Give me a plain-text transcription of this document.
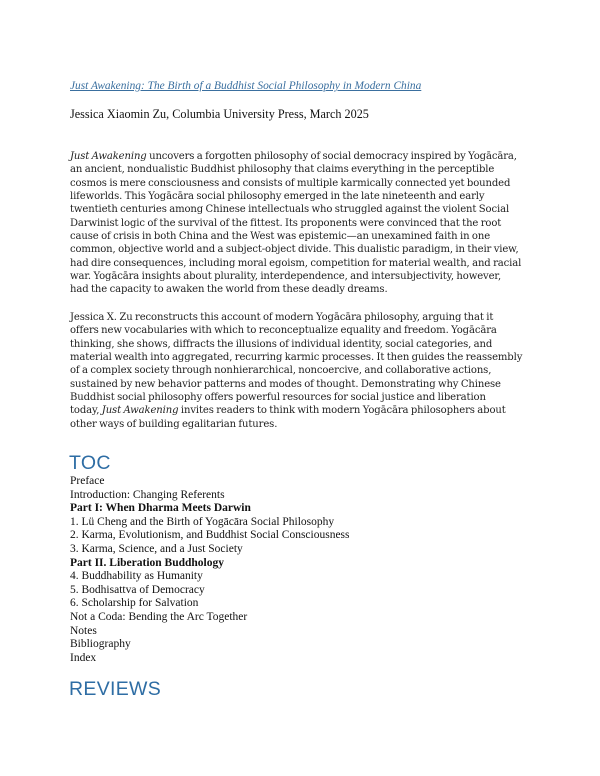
Just Awakening: The Birth of a Buddhist Social Philosophy in Modern China
Jessica Xiaomin Zu, Columbia University Press, March 2025

Just Awakening uncovers a forgotten philosophy of social democracy inspired by Yogācāra,
an ancient, nondualistic Buddhist philosophy that claims everything in the perceptible
cosmos is mere consciousness and consists of multiple karmically connected yet bounded
lifeworlds. This Yogācāra social philosophy emerged in the late nineteenth and early
twentieth centuries among Chinese intellectuals who struggled against the violent Social
Darwinist logic of the survival of the fittest. Its proponents were convinced that the root
cause of crisis in both China and the West was epistemic—an unexamined faith in one
common, objective world and a subject-object divide. This dualistic paradigm, in their view,
had dire consequences, including moral egoism, competition for material wealth, and racial
war. Yogācāra insights about plurality, interdependence, and intersubjectivity, however,
had the capacity to awaken the world from these deadly dreams.

Jessica X. Zu reconstructs this account of modern Yogācāra philosophy, arguing that it
offers new vocabularies with which to reconceptualize equality and freedom. Yogācāra
thinking, she shows, diffracts the illusions of individual identity, social categories, and
material wealth into aggregated, recurring karmic processes. It then guides the reassembly
of a complex society through nonhierarchical, noncoercive, and collaborative actions,
sustained by new behavior patterns and modes of thought. Demonstrating why Chinese
Buddhist social philosophy offers powerful resources for social justice and liberation
today, Just Awakening invites readers to think with modern Yogācāra philosophers about
other ways of building egalitarian futures.

TOC
Preface
Introduction: Changing Referents
Part I: When Dharma Meets Darwin
1. Lü Cheng and the Birth of Yogācāra Social Philosophy
2. Karma, Evolutionism, and Buddhist Social Consciousness
3. Karma, Science, and a Just Society
Part II. Liberation Buddhology
4. Buddhability as Humanity
5. Bodhisattva of Democracy
6. Scholarship for Salvation
Not a Coda: Bending the Arc Together
Notes
Bibliography
Index
REVIEWS
